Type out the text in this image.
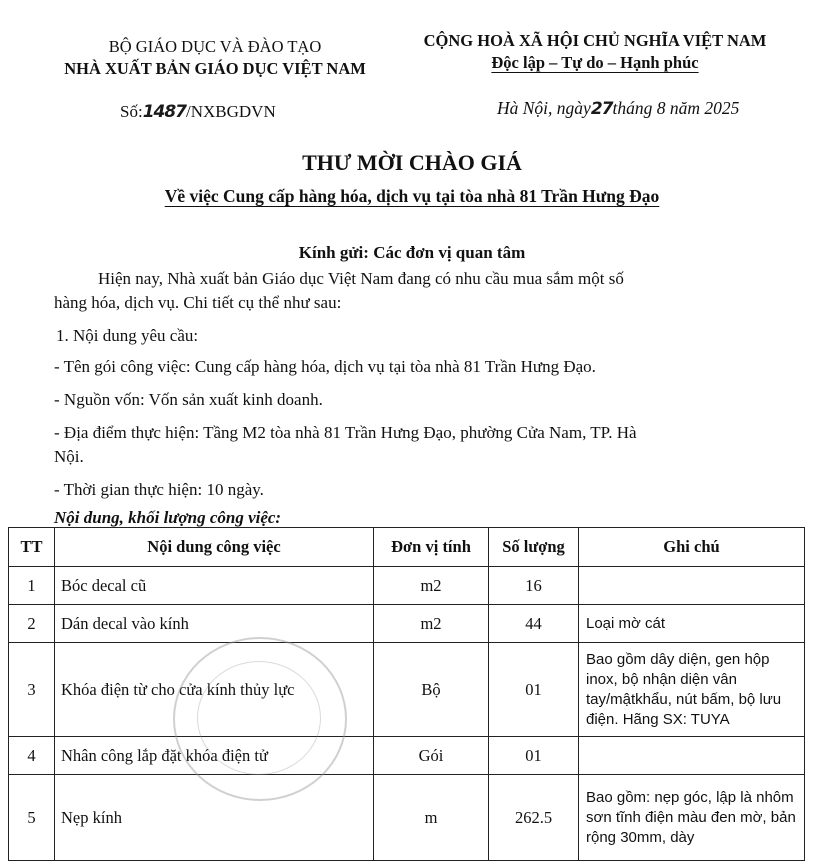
BỘ GIÁO DỤC VÀ ĐÀO TẠO
NHÀ XUẤT BẢN GIÁO DỤC VIỆT NAM
CỘNG HOÀ XÃ HỘI CHỦ NGHĨA VIỆT NAM
Độc lập – Tự do – Hạnh phúc
Số:1487/NXBGDVN	Hà Nội, ngày27tháng 8 năm 2025
THƯ MỜI CHÀO GIÁ
Về việc Cung cấp hàng hóa, dịch vụ tại tòa nhà 81 Trần Hưng Đạo
Kính gửi: Các đơn vị quan tâm
Hiện nay, Nhà xuất bản Giáo dục Việt Nam đang có nhu cầu mua sắm một số
hàng hóa, dịch vụ. Chi tiết cụ thể như sau:
1. Nội dung yêu cầu:
- Tên gói công việc: Cung cấp hàng hóa, dịch vụ tại tòa nhà 81 Trần Hưng Đạo.
- Nguồn vốn: Vốn sản xuất kinh doanh.
- Địa điểm thực hiện: Tầng M2 tòa nhà 81 Trần Hưng Đạo, phường Cửa Nam, TP. Hà
Nội.
- Thời gian thực hiện: 10 ngày.
Nội dung, khối lượng công việc:
TT	Nội dung công việc	Đơn vị tính	Số lượng	Ghi chú
1	Bóc decal cũ	m2	16	
2	Dán decal vào kính	m2	44	Loại mờ cát
3	Khóa điện từ cho cửa kính thủy lực	Bộ	01	Bao gồm dây diện, gen hộp inox, bộ nhận diện vân tay/mậtkhẩu, nút bấm, bộ lưu điện. Hãng SX: TUYA
4	Nhân công lắp đặt khóa điện tử	Gói	01	
5	Nẹp kính	m	262.5	Bao gồm: nẹp góc, lập là nhôm sơn tĩnh điện màu đen mờ, bản rộng 30mm, dày
